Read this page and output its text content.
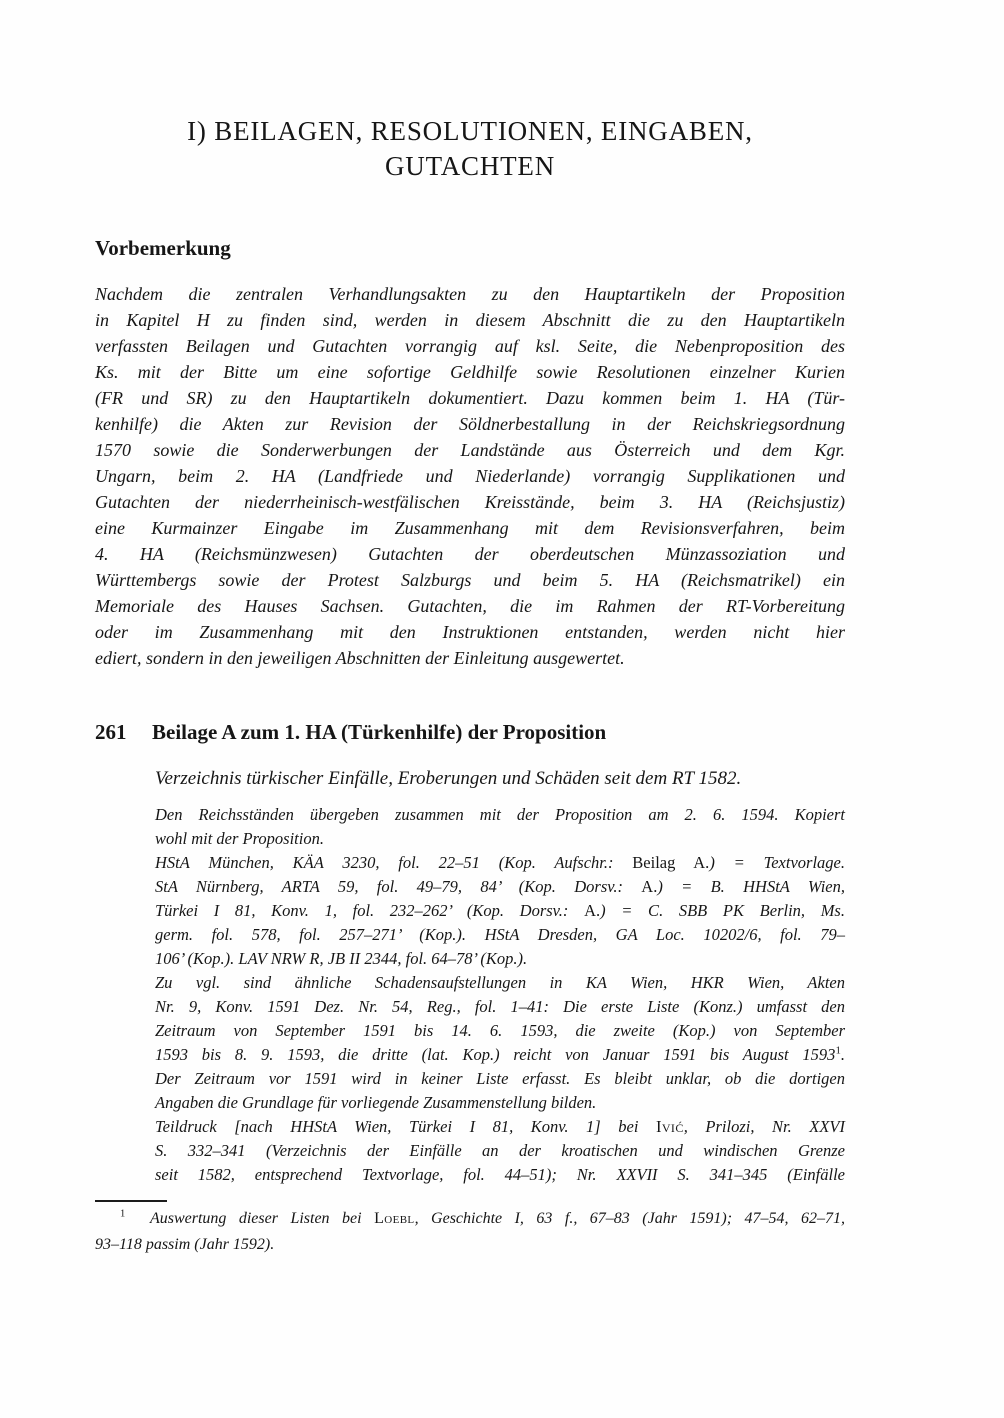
I) BEILAGEN, RESOLUTIONEN, EINGABEN,
GUTACHTEN
Vorbemerkung
Nachdem die zentralen Verhandlungsakten zu den Hauptartikeln der Proposition
in Kapitel H zu finden sind, werden in diesem Abschnitt die zu den Hauptartikeln
verfassten Beilagen und Gutachten vorrangig auf ksl. Seite, die Nebenproposition des
Ks. mit der Bitte um eine sofortige Geldhilfe sowie Resolutionen einzelner Kurien
(FR und SR) zu den Hauptartikeln dokumentiert. Dazu kommen beim 1. HA (Tür-
kenhilfe) die Akten zur Revision der Söldnerbestallung in der Reichskriegsordnung
1570 sowie die Sonderwerbungen der Landstände aus Österreich und dem Kgr.
Ungarn, beim 2. HA (Landfriede und Niederlande) vorrangig Supplikationen und
Gutachten der niederrheinisch-westfälischen Kreisstände, beim 3. HA (Reichsjustiz)
eine Kurmainzer Eingabe im Zusammenhang mit dem Revisionsverfahren, beim
4. HA (Reichsmünzwesen) Gutachten der oberdeutschen Münzassoziation und
Württembergs sowie der Protest Salzburgs und beim 5. HA (Reichsmatrikel) ein
Memoriale des Hauses Sachsen. Gutachten, die im Rahmen der RT-Vorbereitung
oder im Zusammenhang mit den Instruktionen entstanden, werden nicht hier
ediert, sondern in den jeweiligen Abschnitten der Einleitung ausgewertet.
261	Beilage A zum 1. HA (Türkenhilfe) der Proposition
Verzeichnis türkischer Einfälle, Eroberungen und Schäden seit dem RT 1582.
Den Reichsständen übergeben zusammen mit der Proposition am 2. 6. 1594. Kopiert
wohl mit der Proposition.
HStA München, KÄA 3230, fol. 22–51 (Kop. Aufschr.: Beilag A.) = Textvorlage.
StA Nürnberg, ARTA 59, fol. 49–79, 84’ (Kop. Dorsv.: A.) = B. HHStA Wien,
Türkei I 81, Konv. 1, fol. 232–262’ (Kop. Dorsv.: A.) = C. SBB PK Berlin, Ms.
germ. fol. 578, fol. 257–271’ (Kop.). HStA Dresden, GA Loc. 10202/6, fol. 79–
106’ (Kop.). LAV NRW R, JB II 2344, fol. 64–78’ (Kop.).
Zu vgl. sind ähnliche Schadensaufstellungen in KA Wien, HKR Wien, Akten
Nr. 9, Konv. 1591 Dez. Nr. 54, Reg., fol. 1–41: Die erste Liste (Konz.) umfasst den
Zeitraum von September 1591 bis 14. 6. 1593, die zweite (Kop.) von September
1593 bis 8. 9. 1593, die dritte (lat. Kop.) reicht von Januar 1591 bis August 1593$^1$.
Der Zeitraum vor 1591 wird in keiner Liste erfasst. Es bleibt unklar, ob die dortigen
Angaben die Grundlage für vorliegende Zusammenstellung bilden.
Teildruck [nach HHStA Wien, Türkei I 81, Konv. 1] bei Ivić, Prilozi, Nr. XXVI
S. 332–341 (Verzeichnis der Einfälle an der kroatischen und windischen Grenze
seit 1582, entsprechend Textvorlage, fol. 44–51); Nr. XXVII S. 341–345 (Einfälle
$^1$  Auswertung dieser Listen bei Loebl, Geschichte I, 63 f., 67–83 (Jahr 1591); 47–54, 62–71,
93–118 passim (Jahr 1592).
